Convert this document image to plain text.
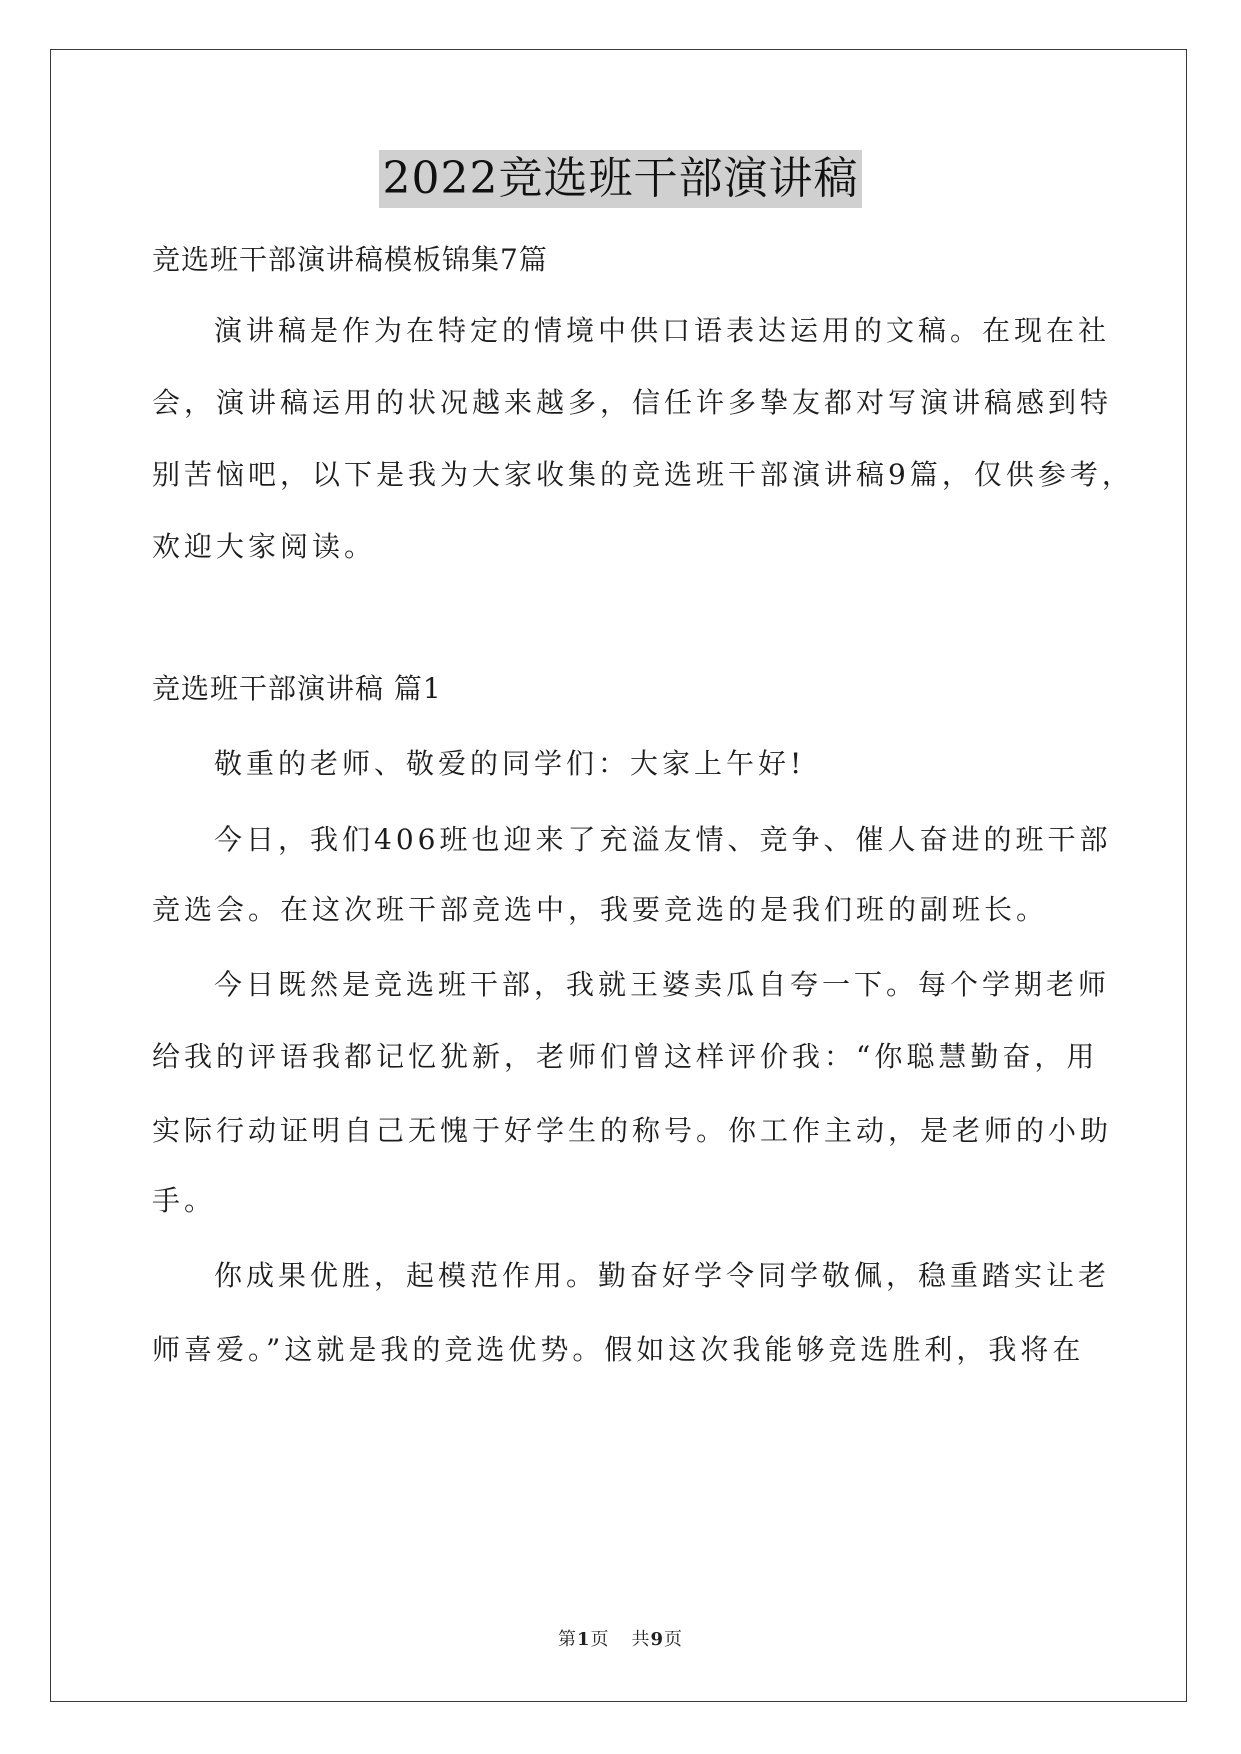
2022竞选班干部演讲稿
竞选班干部演讲稿模板锦集7篇
演讲稿是作为在特定的情境中供口语表达运用的文稿。在现在社
会，演讲稿运用的状况越来越多，信任许多挚友都对写演讲稿感到特
别苦恼吧，以下是我为大家收集的竞选班干部演讲稿9篇，仅供参考，
欢迎大家阅读。
竞选班干部演讲稿 篇1
敬重的老师、敬爱的同学们：大家上午好!
今日，我们406班也迎来了充溢友情、竞争、催人奋进的班干部
竞选会。在这次班干部竞选中，我要竞选的是我们班的副班长。
今日既然是竞选班干部，我就王婆卖瓜自夸一下。每个学期老师
给我的评语我都记忆犹新，老师们曾这样评价我：“你聪慧勤奋，用
实际行动证明自己无愧于好学生的称号。你工作主动，是老师的小助
手。
你成果优胜，起模范作用。勤奋好学令同学敬佩，稳重踏实让老
师喜爱。”这就是我的竞选优势。假如这次我能够竞选胜利，我将在
第1页 共9页
